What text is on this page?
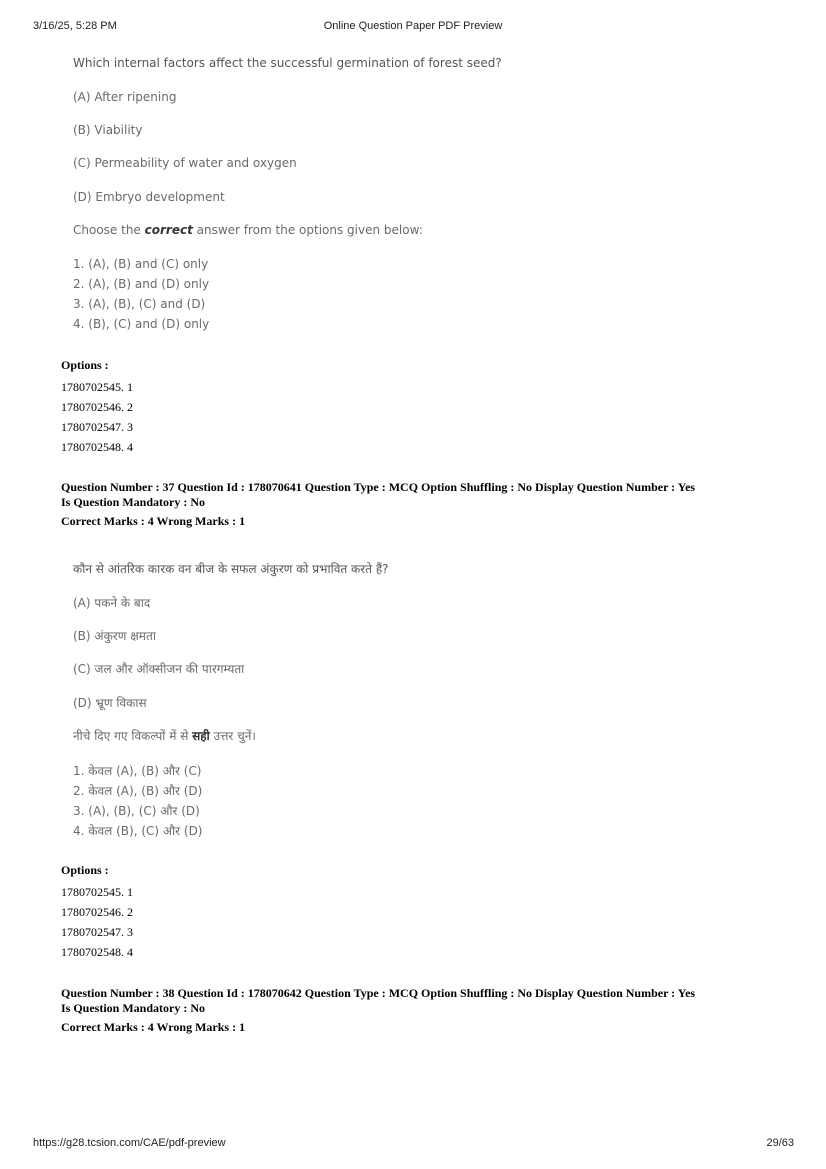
3/16/25, 5:28 PM	Online Question Paper PDF Preview
Which internal factors affect the successful germination of forest seed?
(A) After ripening
(B) Viability
(C) Permeability of water and oxygen
(D) Embryo development
Choose the correct answer from the options given below:
1. (A), (B) and (C) only
2. (A), (B) and (D) only
3. (A), (B), (C) and (D)
4. (B), (C) and (D) only
Options :
1780702545. 1
1780702546. 2
1780702547. 3
1780702548. 4
Question Number : 37 Question Id : 178070641 Question Type : MCQ Option Shuffling : No Display Question Number : Yes
Is Question Mandatory : No
Correct Marks : 4 Wrong Marks : 1
कौन से आंतरिक कारक वन बीज के सफल अंकुरण को प्रभावित करते हैं?
(A) पकने के बाद
(B) अंकुरण क्षमता
(C) जल और ऑक्सीजन की पारगम्यता
(D) भ्रूण विकास
नीचे दिए गए विकल्पों में से सही उत्तर चुनें।
1. केवल (A), (B) और (C)
2. केवल (A), (B) और (D)
3. (A), (B), (C) और (D)
4. केवल (B), (C) और (D)
Options :
1780702545. 1
1780702546. 2
1780702547. 3
1780702548. 4
Question Number : 38 Question Id : 178070642 Question Type : MCQ Option Shuffling : No Display Question Number : Yes
Is Question Mandatory : No
Correct Marks : 4 Wrong Marks : 1
https://g28.tcsion.com/CAE/pdf-preview	29/63
